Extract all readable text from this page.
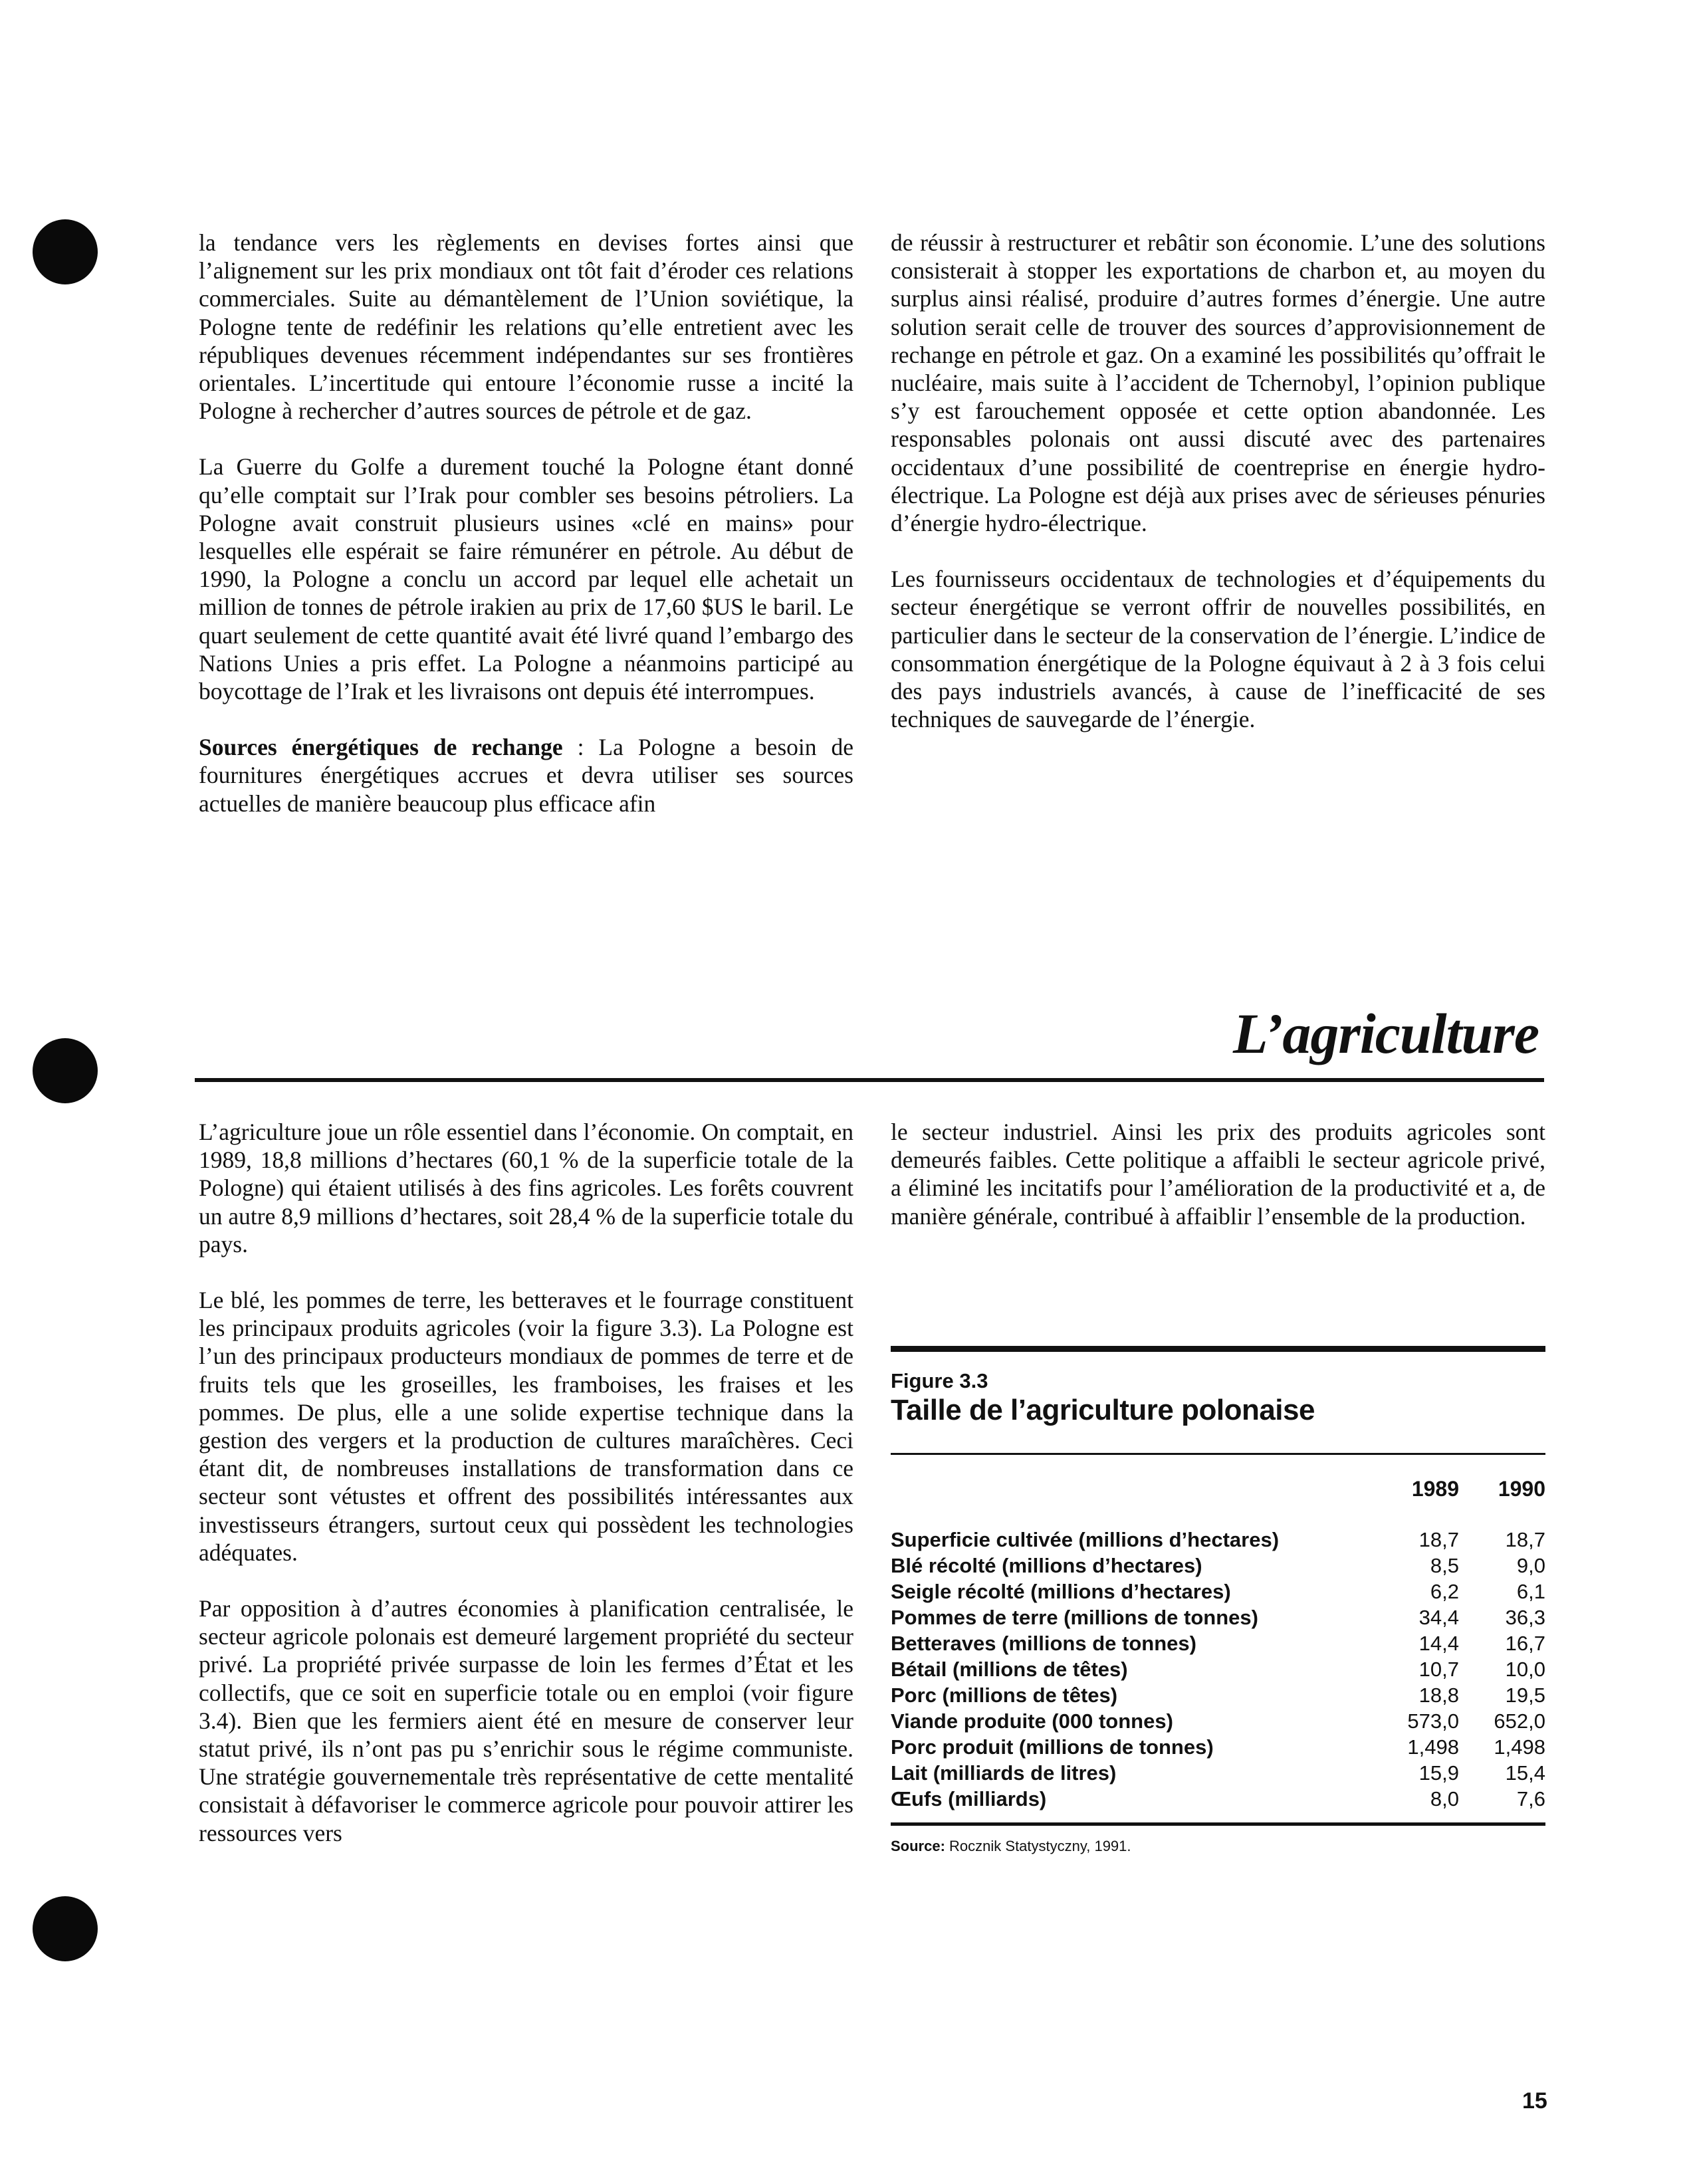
la tendance vers les règlements en devises fortes ainsi que l’alignement sur les prix mondiaux ont tôt fait d’éroder ces relations commerciales. Suite au démantèlement de l’Union soviétique, la Pologne tente de redéfinir les relations qu’elle entretient avec les républiques devenues récemment indépendantes sur ses frontières orientales. L’incertitude qui entoure l’économie russe a incité la Pologne à rechercher d’autres sources de pétrole et de gaz.

La Guerre du Golfe a durement touché la Pologne étant donné qu’elle comptait sur l’Irak pour combler ses besoins pétroliers. La Pologne avait construit plusieurs usines «clé en mains» pour lesquelles elle espérait se faire rémunérer en pétrole. Au début de 1990, la Pologne a conclu un accord par lequel elle achetait un million de tonnes de pétrole irakien au prix de 17,60 $US le baril. Le quart seulement de cette quantité avait été livré quand l’embargo des Nations Unies a pris effet. La Pologne a néanmoins participé au boycottage de l’Irak et les livraisons ont depuis été interrompues.

Sources énergétiques de rechange : La Pologne a besoin de fournitures énergétiques accrues et devra utiliser ses sources actuelles de manière beaucoup plus efficace afin

de réussir à restructurer et rebâtir son économie. L’une des solutions consisterait à stopper les exportations de charbon et, au moyen du surplus ainsi réalisé, produire d’autres formes d’énergie. Une autre solution serait celle de trouver des sources d’approvisionnement de rechange en pétrole et gaz. On a examiné les possibilités qu’offrait le nucléaire, mais suite à l’accident de Tchernobyl, l’opinion publique s’y est farouchement opposée et cette option abandonnée. Les responsables polonais ont aussi discuté avec des partenaires occidentaux d’une possibilité de coentreprise en énergie hydro-électrique. La Pologne est déjà aux prises avec de sérieuses pénuries d’énergie hydro-électrique.

Les fournisseurs occidentaux de technologies et d’équipements du secteur énergétique se verront offrir de nouvelles possibilités, en particulier dans le secteur de la conservation de l’énergie. L’indice de consommation énergétique de la Pologne équivaut à 2 à 3 fois celui des pays industriels avancés, à cause de l’inefficacité de ses techniques de sauvegarde de l’énergie.

L’agriculture

L’agriculture joue un rôle essentiel dans l’économie. On comptait, en 1989, 18,8 millions d’hectares (60,1 % de la superficie totale de la Pologne) qui étaient utilisés à des fins agricoles. Les forêts couvrent un autre 8,9 millions d’hectares, soit 28,4 % de la superficie totale du pays.

Le blé, les pommes de terre, les betteraves et le fourrage constituent les principaux produits agricoles (voir la figure 3.3). La Pologne est l’un des principaux producteurs mondiaux de pommes de terre et de fruits tels que les groseilles, les framboises, les fraises et les pommes. De plus, elle a une solide expertise technique dans la gestion des vergers et la production de cultures maraîchères. Ceci étant dit, de nombreuses installations de transformation dans ce secteur sont vétustes et offrent des possibilités intéressantes aux investisseurs étrangers, surtout ceux qui possèdent les technologies adéquates.

Par opposition à d’autres économies à planification centralisée, le secteur agricole polonais est demeuré largement propriété du secteur privé. La propriété privée surpasse de loin les fermes d’État et les collectifs, que ce soit en superficie totale ou en emploi (voir figure 3.4). Bien que les fermiers aient été en mesure de conserver leur statut privé, ils n’ont pas pu s’enrichir sous le régime communiste. Une stratégie gouvernementale très représentative de cette mentalité consistait à défavoriser le commerce agricole pour pouvoir attirer les ressources vers

le secteur industriel. Ainsi les prix des produits agricoles sont demeurés faibles. Cette politique a affaibli le secteur agricole privé, a éliminé les incitatifs pour l’amélioration de la productivité et a, de manière générale, contribué à affaiblir l’ensemble de la production.

Figure 3.3
Taille de l’agriculture polonaise
	1989	1990
Superficie cultivée (millions d’hectares)	18,7	18,7
Blé récolté (millions d’hectares)	8,5	9,0
Seigle récolté (millions d’hectares)	6,2	6,1
Pommes de terre (millions de tonnes)	34,4	36,3
Betteraves (millions de tonnes)	14,4	16,7
Bétail (millions de têtes)	10,7	10,0
Porc (millions de têtes)	18,8	19,5
Viande produite (000 tonnes)	573,0	652,0
Porc produit (millions de tonnes)	1,498	1,498
Lait (milliards de litres)	15,9	15,4
Œufs (milliards)	8,0	7,6
Source: Rocznik Statystyczny, 1991.
15
